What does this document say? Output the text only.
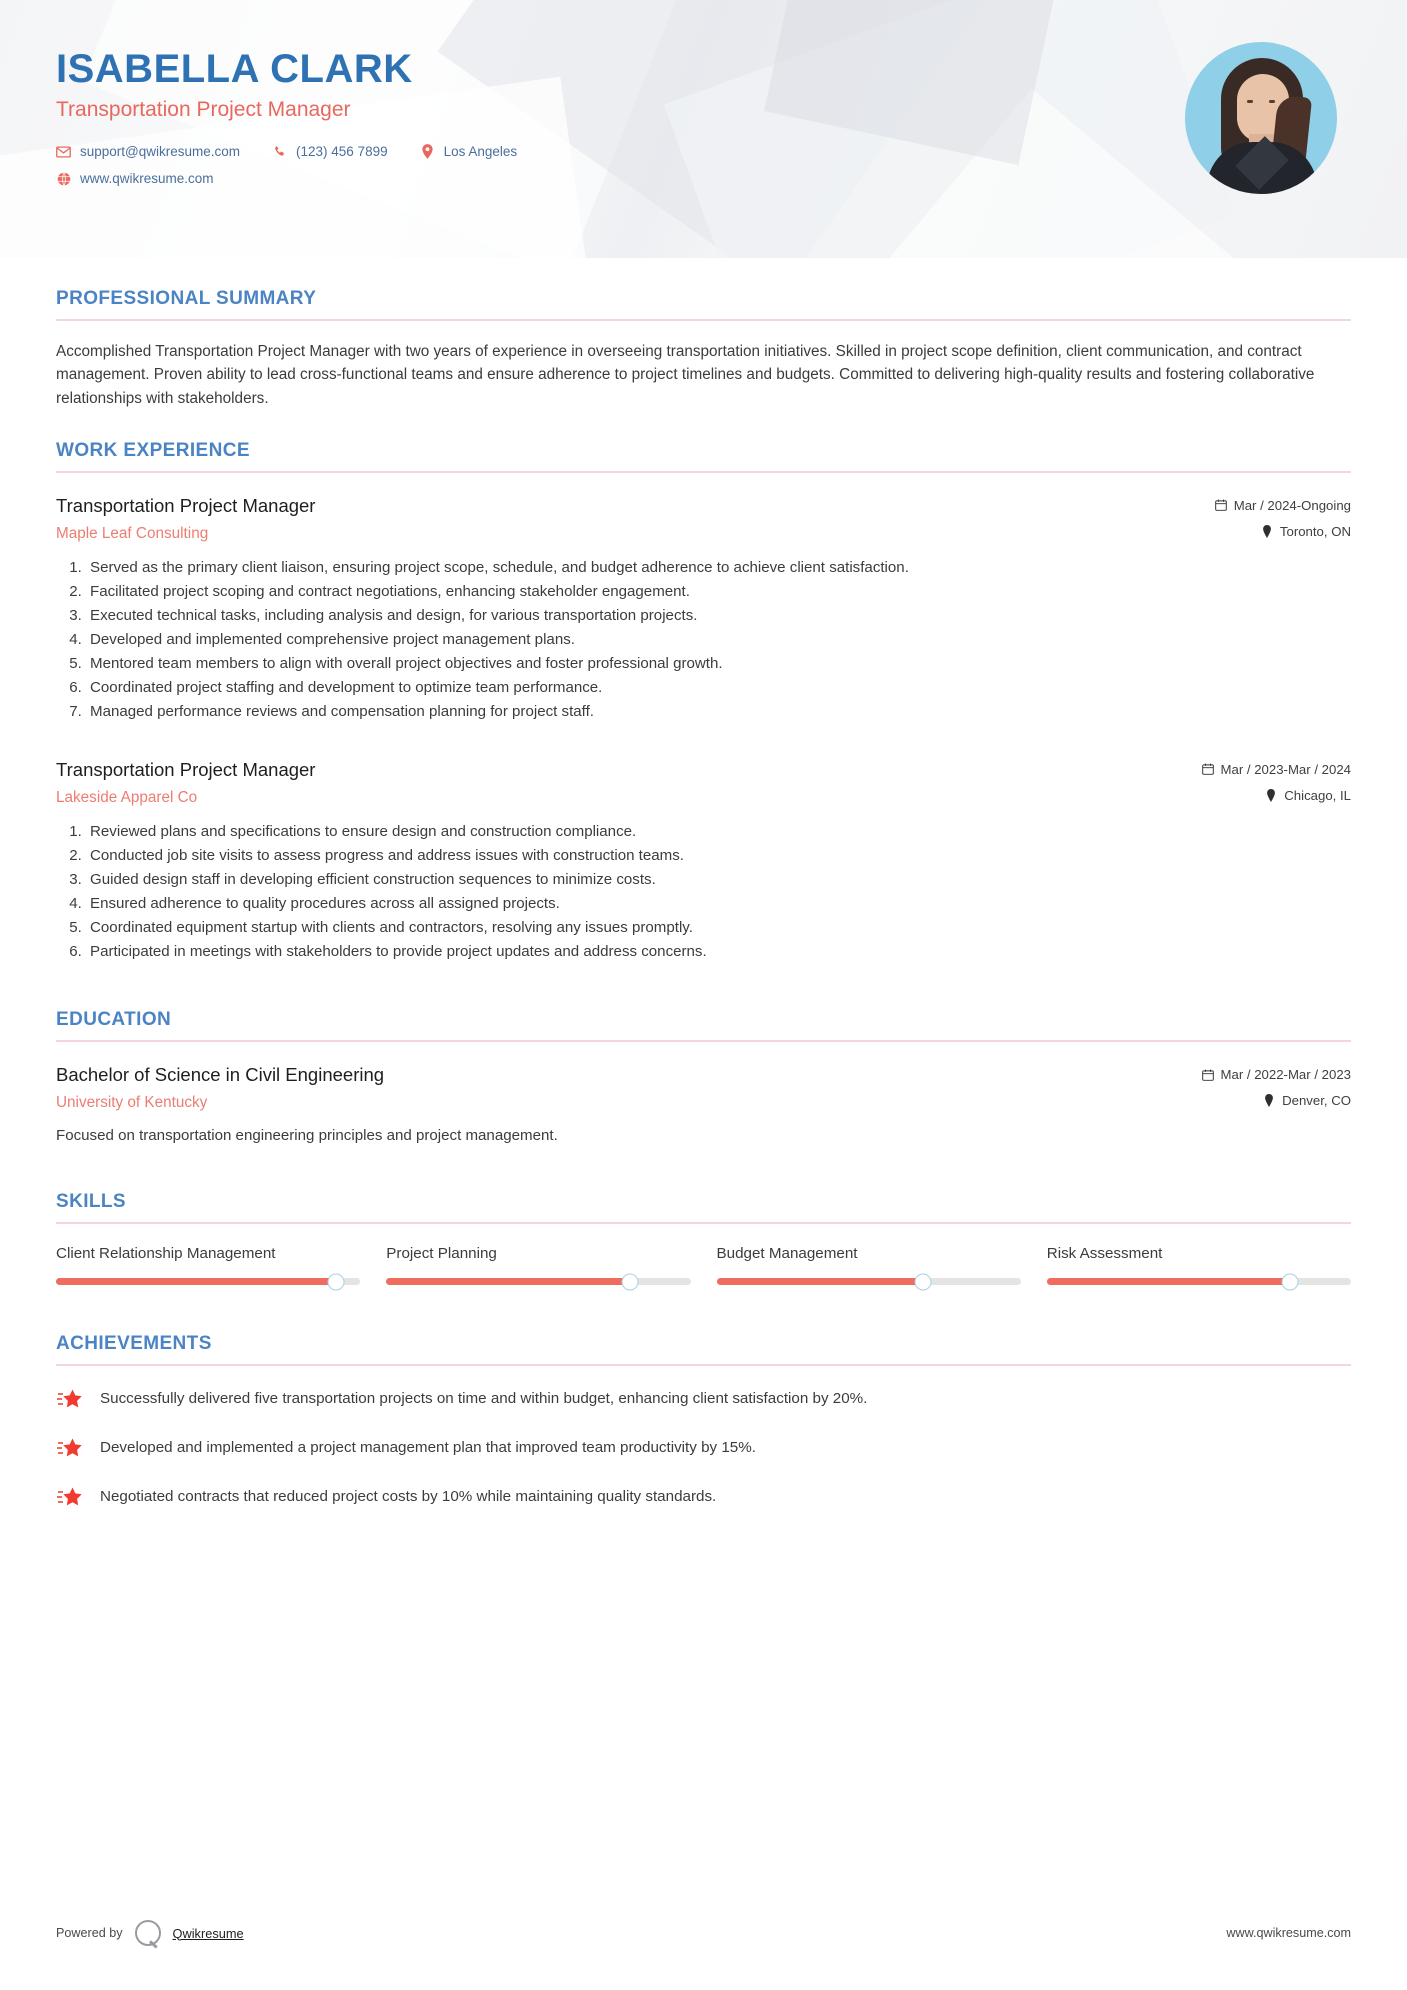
ISABELLA CLARK
Transportation Project Manager
support@qwikresume.com	(123) 456 7899	Los Angeles
www.qwikresume.com
PROFESSIONAL SUMMARY
Accomplished Transportation Project Manager with two years of experience in overseeing transportation initiatives. Skilled in project scope definition, client communication, and contract management. Proven ability to lead cross-functional teams and ensure adherence to project timelines and budgets. Committed to delivering high-quality results and fostering collaborative relationships with stakeholders.
WORK EXPERIENCE
Transportation Project Manager
Maple Leaf Consulting
Mar / 2024-Ongoing
Toronto, ON
1. Served as the primary client liaison, ensuring project scope, schedule, and budget adherence to achieve client satisfaction.
2. Facilitated project scoping and contract negotiations, enhancing stakeholder engagement.
3. Executed technical tasks, including analysis and design, for various transportation projects.
4. Developed and implemented comprehensive project management plans.
5. Mentored team members to align with overall project objectives and foster professional growth.
6. Coordinated project staffing and development to optimize team performance.
7. Managed performance reviews and compensation planning for project staff.
Transportation Project Manager
Lakeside Apparel Co
Mar / 2023-Mar / 2024
Chicago, IL
1. Reviewed plans and specifications to ensure design and construction compliance.
2. Conducted job site visits to assess progress and address issues with construction teams.
3. Guided design staff in developing efficient construction sequences to minimize costs.
4. Ensured adherence to quality procedures across all assigned projects.
5. Coordinated equipment startup with clients and contractors, resolving any issues promptly.
6. Participated in meetings with stakeholders to provide project updates and address concerns.
EDUCATION
Bachelor of Science in Civil Engineering
University of Kentucky
Mar / 2022-Mar / 2023
Denver, CO
Focused on transportation engineering principles and project management.
SKILLS
Client Relationship Management	Project Planning	Budget Management	Risk Assessment
ACHIEVEMENTS
Successfully delivered five transportation projects on time and within budget, enhancing client satisfaction by 20%.
Developed and implemented a project management plan that improved team productivity by 15%.
Negotiated contracts that reduced project costs by 10% while maintaining quality standards.
Powered by	Qwikresume	www.qwikresume.com
